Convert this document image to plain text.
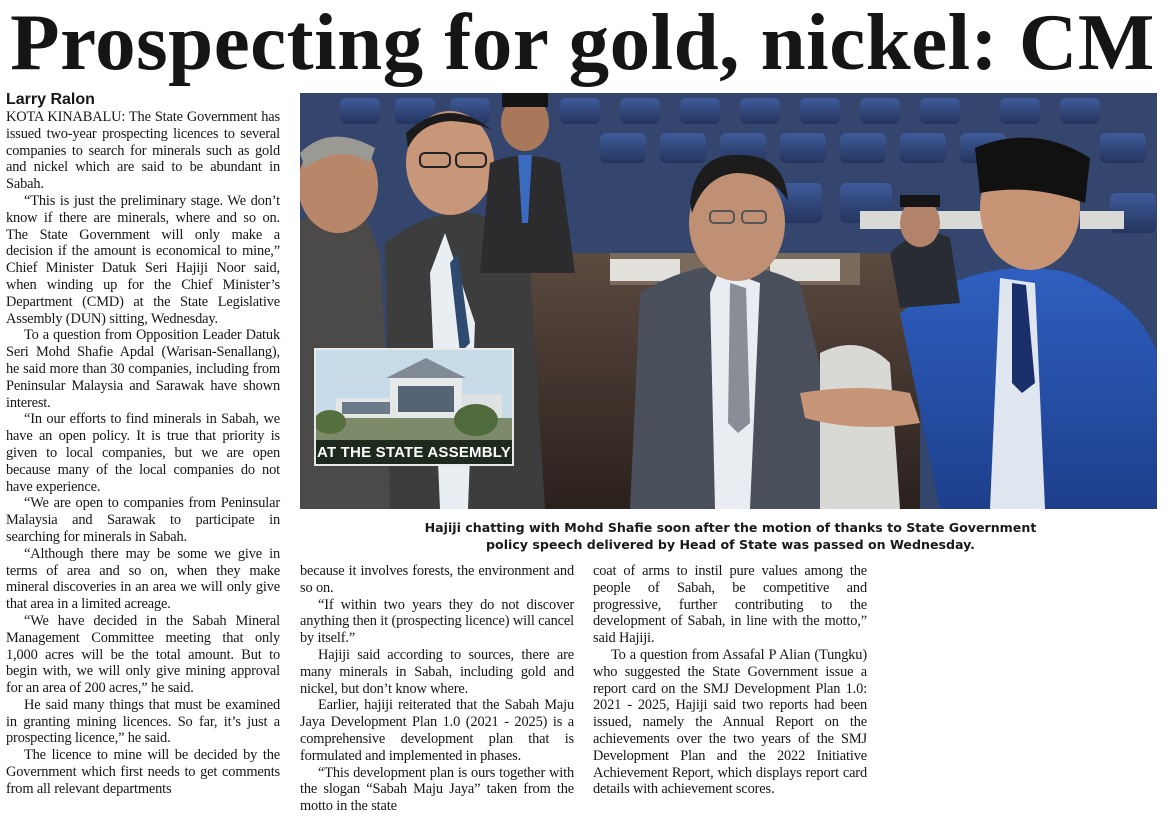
Prospecting for gold, nickel: CM
Larry Ralon

KOTA KINABALU: The State Government has issued two-year prospecting licences to several companies to search for minerals such as gold and nickel which are said to be abundant in Sabah.

“This is just the preliminary stage. We don’t know if there are minerals, where and so on. The State Government will only make a decision if the amount is economical to mine,” Chief Minister Datuk Seri Hajiji Noor said, when winding up for the Chief Minister’s Department (CMD) at the State Legislative Assembly (DUN) sitting, Wednesday.

To a question from Opposition Leader Datuk Seri Mohd Shafie Apdal (Warisan-Senallang), he said more than 30 companies, including from Peninsular Malaysia and Sarawak have shown interest.

“In our efforts to find minerals in Sabah, we have an open policy. It is true that priority is given to local companies, but we are open because many of the local companies do not have experience.

“We are open to companies from Peninsular Malaysia and Sarawak to participate in searching for minerals in Sabah.

“Although there may be some we give in terms of area and so on, when they make mineral discoveries in an area we will only give that area in a limited acreage.

“We have decided in the Sabah Mineral Management Committee meeting that only 1,000 acres will be the total amount. But to begin with, we will only give mining approval for an area of 200 acres,” he said.

He said many things that must be examined in granting mining licences. So far, it’s just a prospecting licence,” he said.

The licence to mine will be decided by the Government which first needs to get comments from all relevant departments

AT THE STATE ASSEMBLY
Hajiji chatting with Mohd Shafie soon after the motion of thanks to State Government
policy speech delivered by Head of State was passed on Wednesday.

because it involves forests, the environment and so on.

“If within two years they do not discover anything then it (prospecting licence) will cancel by itself.”

Hajiji said according to sources, there are many minerals in Sabah, including gold and nickel, but don’t know where.

Earlier, hajiji reiterated that the Sabah Maju Jaya Development Plan 1.0 (2021 - 2025) is a comprehensive development plan that is formulated and implemented in phases.

“This development plan is ours together with the slogan “Sabah Maju Jaya” taken from the motto in the state

coat of arms to instil pure values among the people of Sabah, be competitive and progressive, further contributing to the development of Sabah, in line with the motto,” said Hajiji.

To a question from Assafal P Alian (Tungku) who suggested the State Government issue a report card on the SMJ Development Plan 1.0: 2021 - 2025, Hajiji said two reports had been issued, namely the Annual Report on the achievements over the two years of the SMJ Development Plan and the 2022 Initiative Achievement Report, which displays report card details with achievement scores.
